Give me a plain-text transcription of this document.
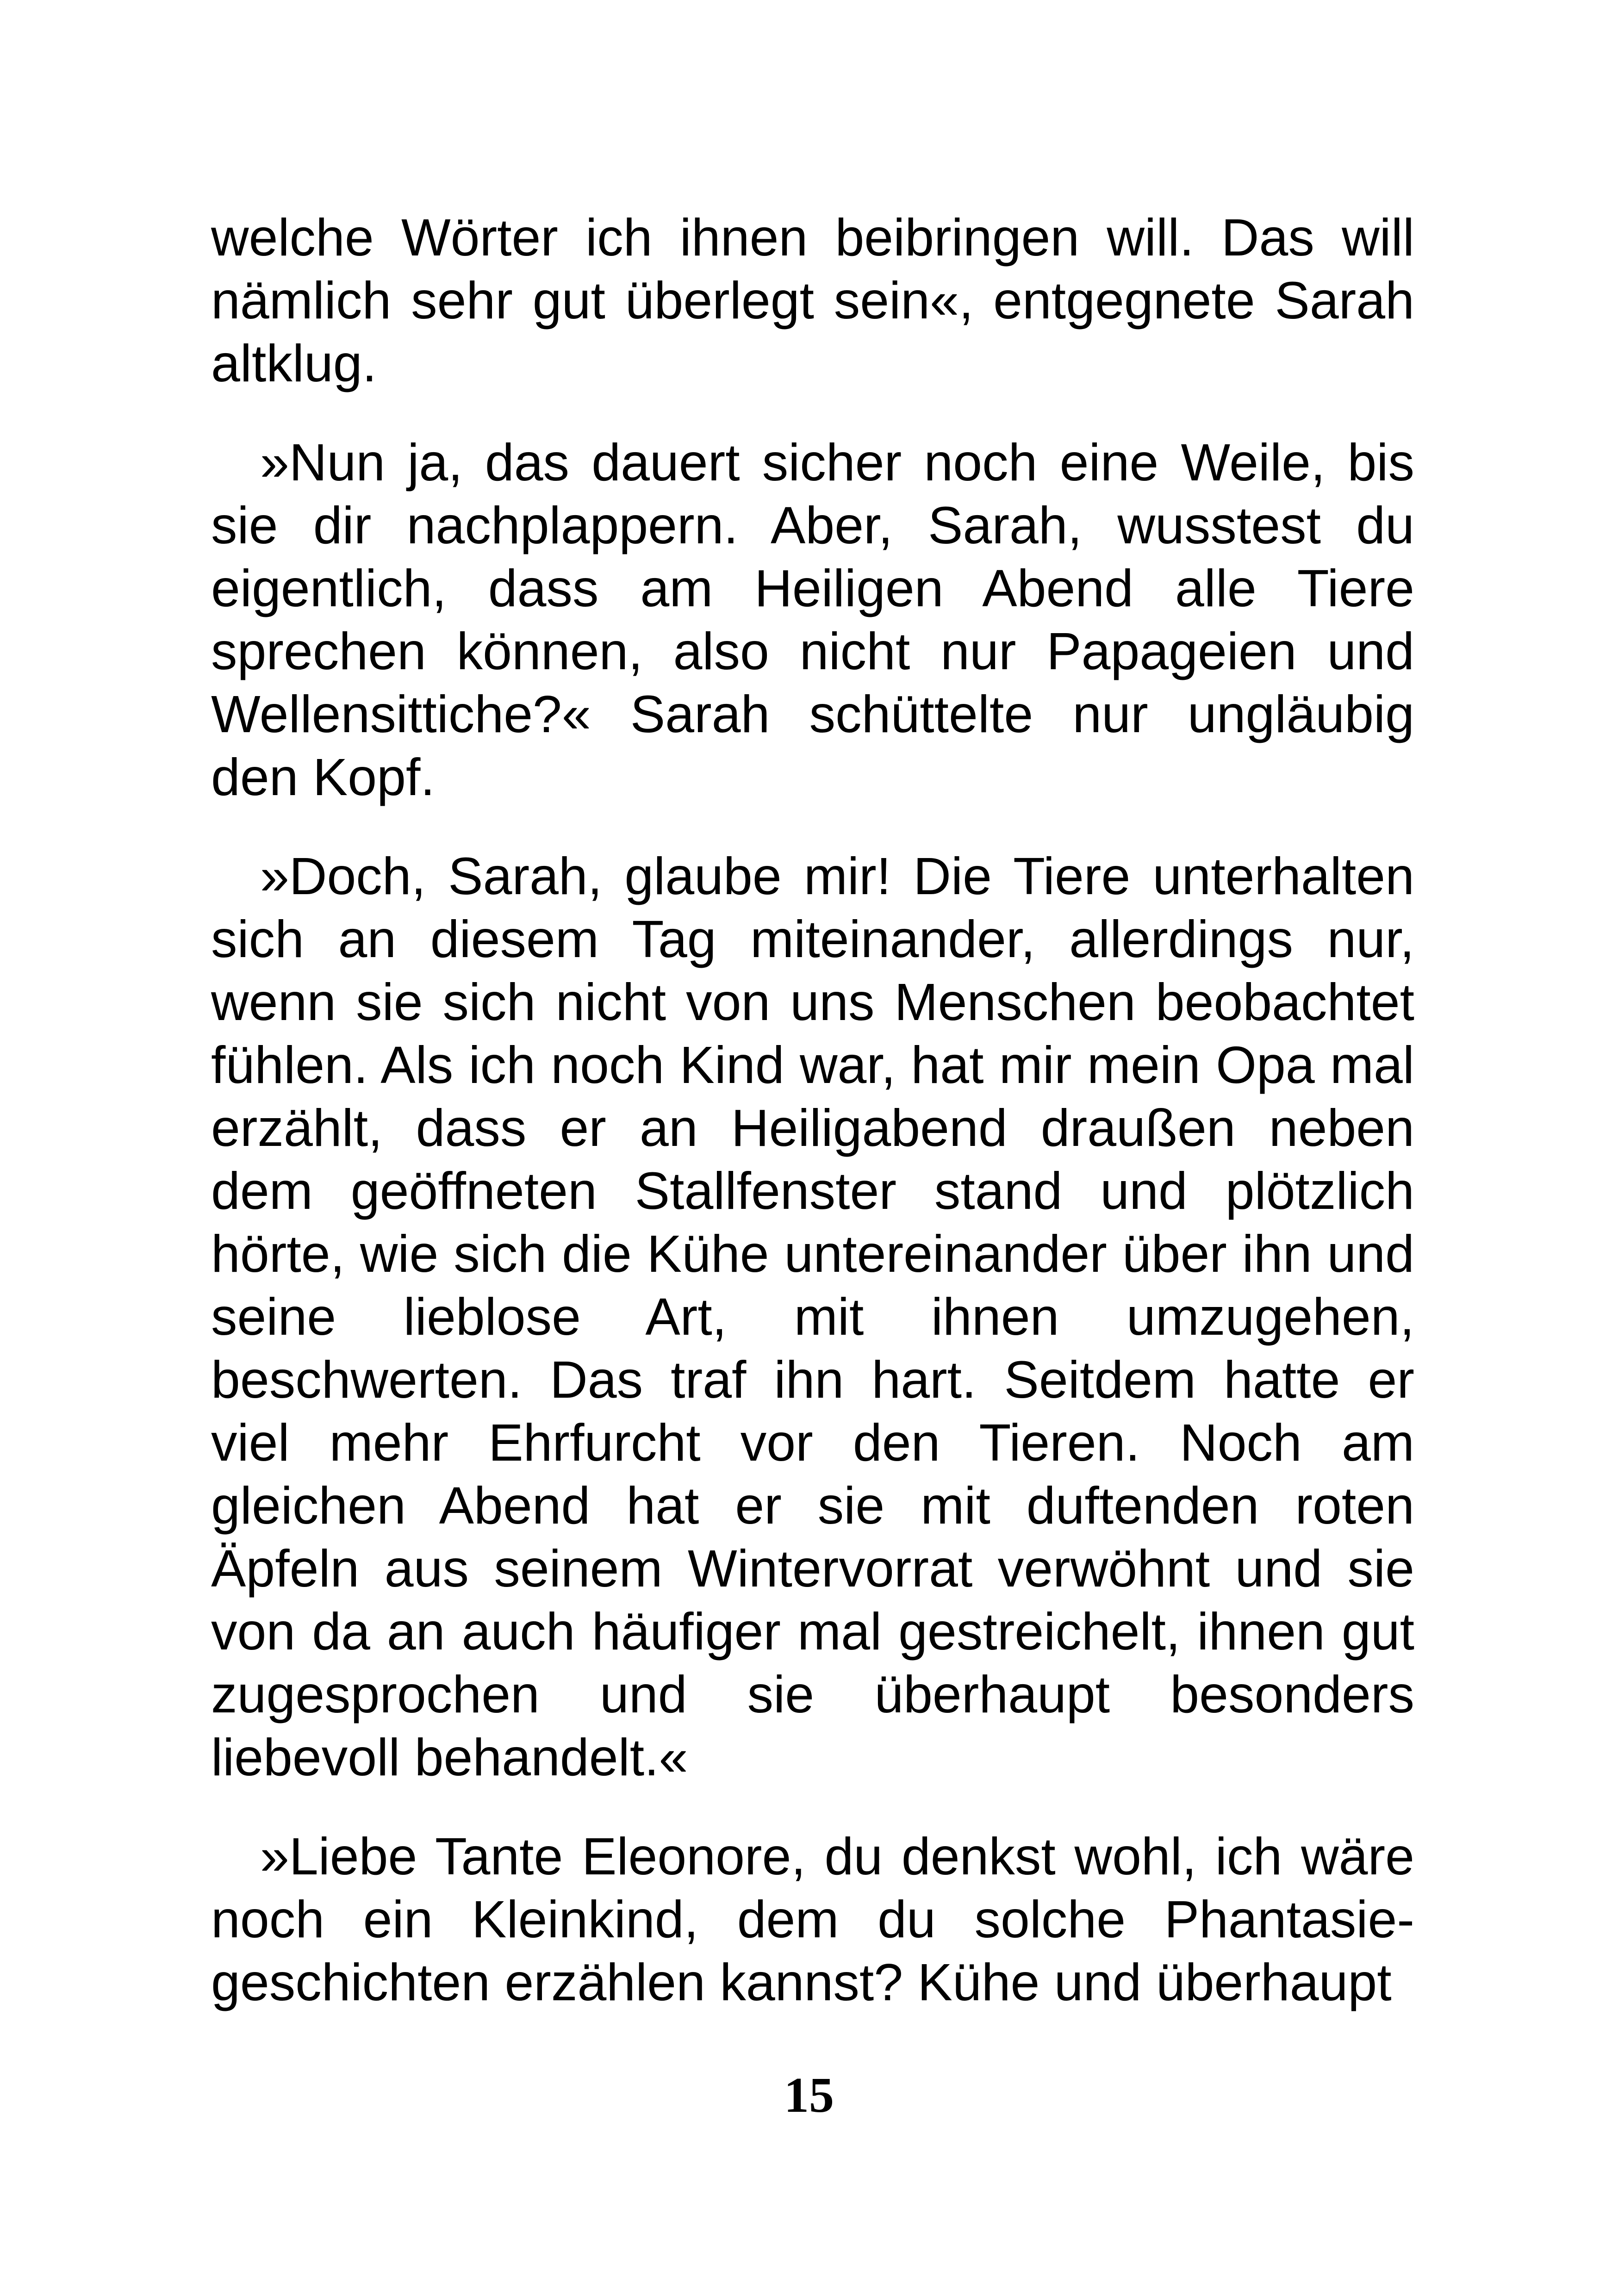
welche Wörter ich ihnen beibringen will. Das will nämlich sehr gut überlegt sein«, entgegnete Sarah altklug.

»Nun ja, das dauert sicher noch eine Weile, bis sie dir nachplappern. Aber, Sarah, wusstest du eigentlich, dass am Heiligen Abend alle Tiere sprechen können, also nicht nur Papageien und Wellensittiche?« Sarah schüttelte nur ungläubig den Kopf.

»Doch, Sarah, glaube mir! Die Tiere unterhalten sich an diesem Tag miteinander, allerdings nur, wenn sie sich nicht von uns Menschen beobachtet fühlen. Als ich noch Kind war, hat mir mein Opa mal erzählt, dass er an Heiligabend draußen neben dem geöffneten Stallfenster stand und plötzlich hörte, wie sich die Kühe untereinander über ihn und seine lieblose Art, mit ihnen umzugehen, beschwerten. Das traf ihn hart. Seitdem hatte er viel mehr Ehrfurcht vor den Tieren. Noch am gleichen Abend hat er sie mit duftenden roten Äpfeln aus seinem Wintervorrat verwöhnt und sie von da an auch häufiger mal gestreichelt, ihnen gut zugesprochen und sie überhaupt besonders liebevoll behandelt.«

»Liebe Tante Eleonore, du denkst wohl, ich wäre noch ein Kleinkind, dem du solche Phantasiegeschichten erzählen kannst? Kühe und überhaupt

15
